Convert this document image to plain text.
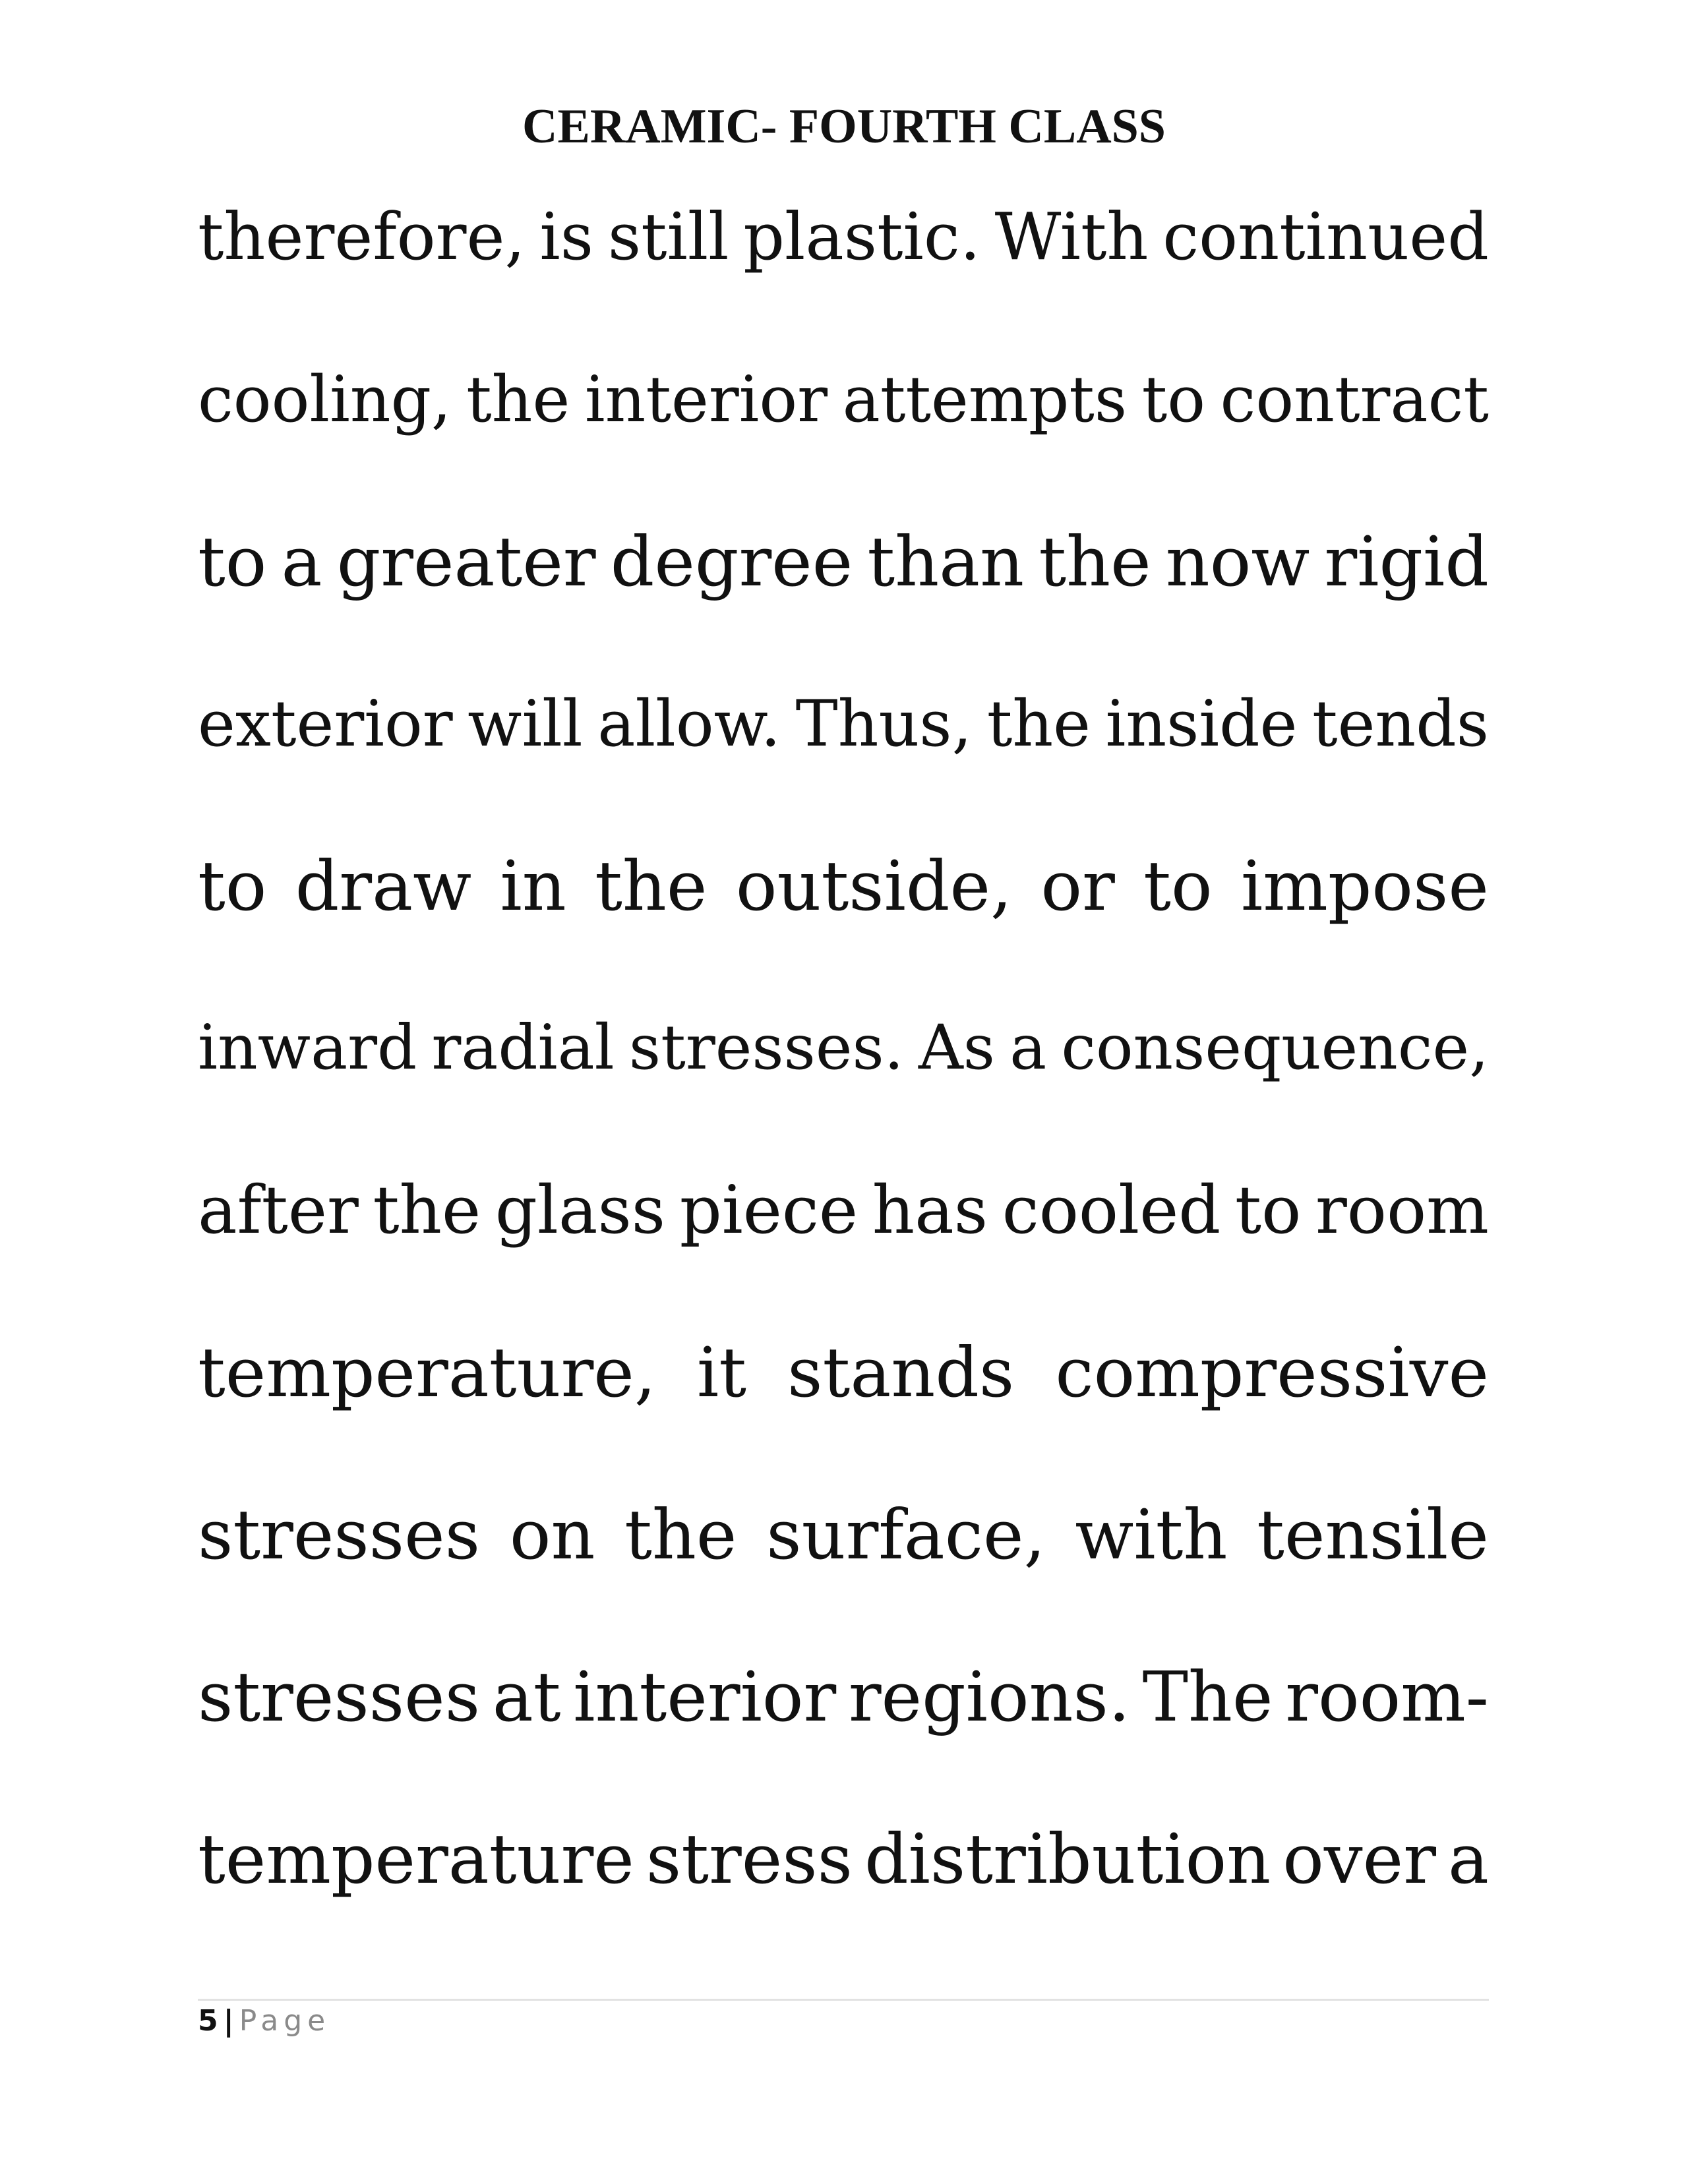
CERAMIC- FOURTH CLASS
therefore, is still plastic. With continued
cooling, the interior attempts to contract
to a greater degree than the now rigid
exterior will allow. Thus, the inside tends
to draw in the outside, or to impose
inward radial stresses. As a consequence,
after the glass piece has cooled to room
temperature, it stands compressive
stresses on the surface, with tensile
stresses at interior regions. The room-
temperature stress distribution over a
5 | Page
